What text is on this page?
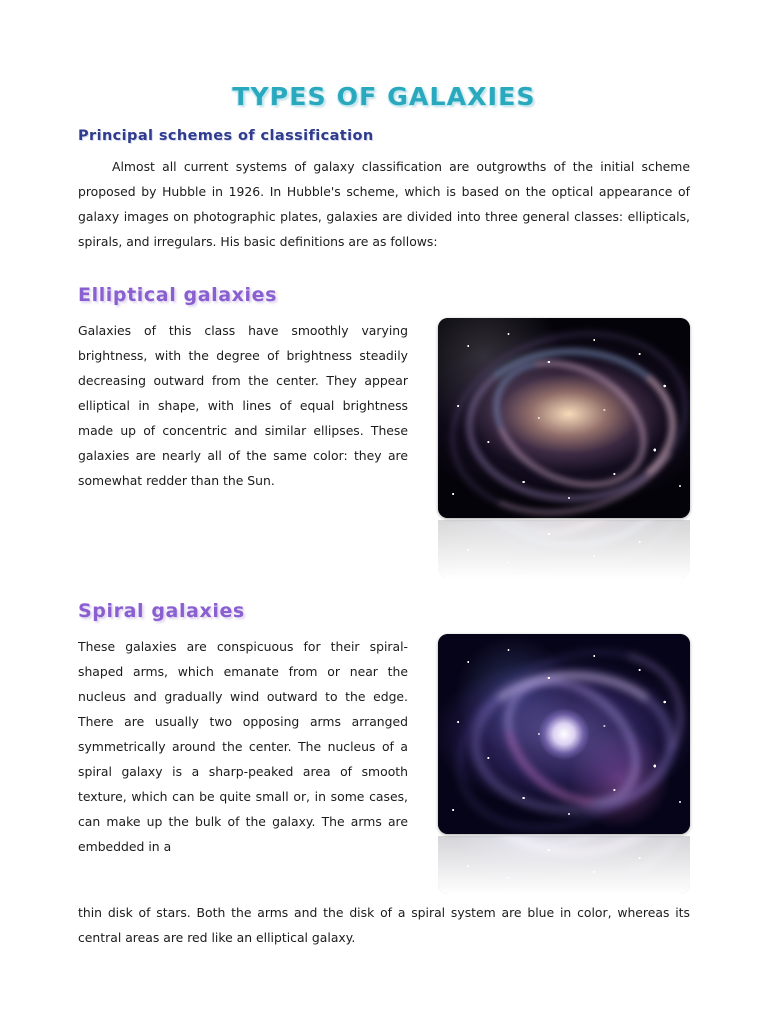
TYPES OF GALAXIES
Principal schemes of classification

Almost all current systems of galaxy classification are outgrowths of the initial scheme proposed by Hubble in 1926. In Hubble's scheme, which is based on the optical appearance of galaxy images on photographic plates, galaxies are divided into three general classes: ellipticals, spirals, and irregulars. His basic definitions are as follows:

Elliptical galaxies

Galaxies of this class have smoothly varying brightness, with the degree of brightness steadily decreasing outward from the center. They appear elliptical in shape, with lines of equal brightness made up of concentric and similar ellipses. These galaxies are nearly all of the same color: they are somewhat redder than the Sun.

Spiral galaxies

These galaxies are conspicuous for their spiral-shaped arms, which emanate from or near the nucleus and gradually wind outward to the edge. There are usually two opposing arms arranged symmetrically around the center. The nucleus of a spiral galaxy is a sharp-peaked area of smooth texture, which can be quite small or, in some cases, can make up the bulk of the galaxy. The arms are embedded in a

thin disk of stars. Both the arms and the disk of a spiral system are blue in color, whereas its central areas are red like an elliptical galaxy.
